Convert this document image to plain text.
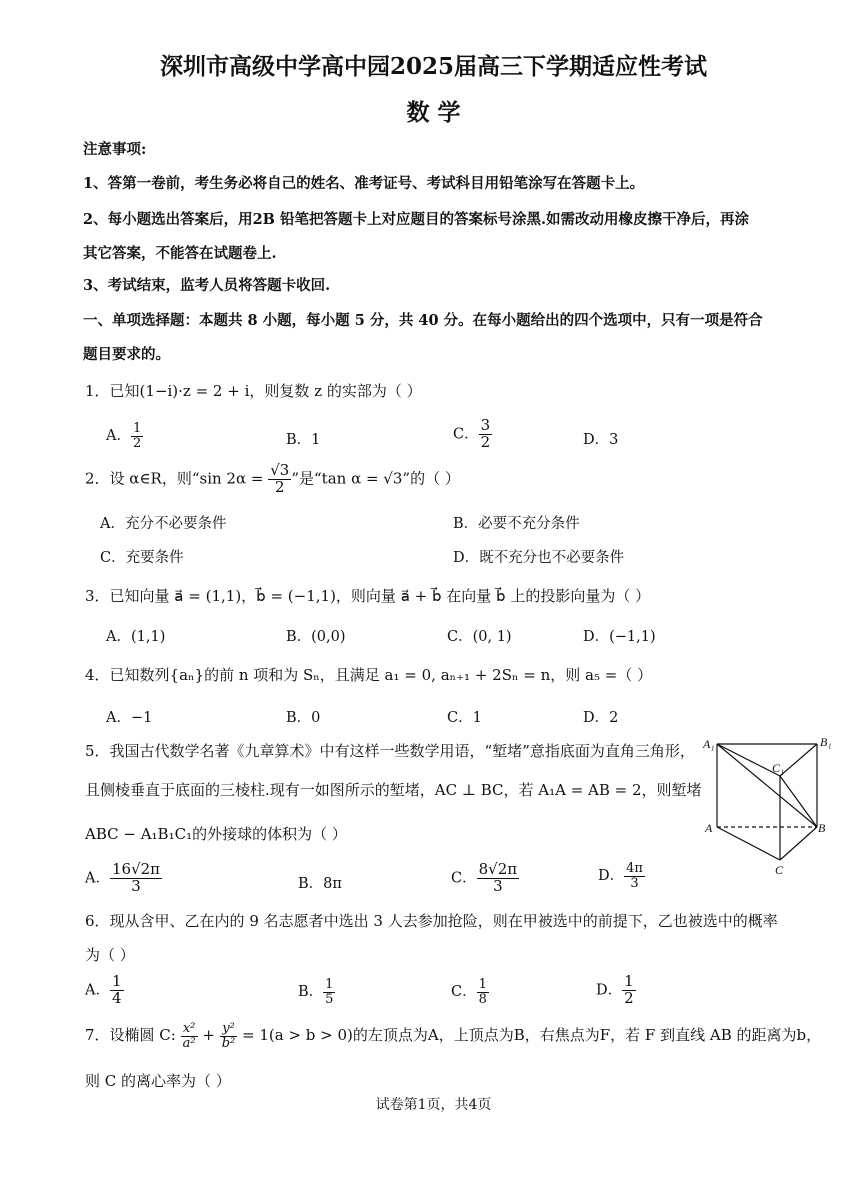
深圳市高级中学高中园2025届高三下学期适应性考试
数 学
注意事项:
1、答第一卷前，考生务必将自己的姓名、准考证号、考试科目用铅笔涂写在答题卡上。
2、每小题选出答案后，用2B 铅笔把答题卡上对应题目的答案标号涂黑.如需改动用橡皮擦干净后，再涂
其它答案，不能答在试题卷上.
3、考试结束，监考人员将答题卡收回.
一、单项选择题：本题共 8 小题，每小题 5 分，共 40 分。在每小题给出的四个选项中，只有一项是符合
题目要求的。
1．已知(1−i)·z = 2 + i，则复数 z 的实部为（ ）
A． $\frac{1}{2}$	B．1	C． $\frac{3}{2}$	D．3
2．设 α∈R，则“sin $2\alpha = \frac{√3}{2}$ ”是“tan α = √3”的（ ）
A．充分不必要条件	B．必要不充分条件
C．充要条件	D．既不充分也不必要条件
3．已知向量 a⃗ = (1,1)，b⃗ = (−1,1)，则向量 a⃗ + b⃗ 在向量 b⃗ 上的投影向量为（ ）
A．(1,1)	B．(0,0)	C．(0, 1)	D．(−1,1)
4．已知数列{aₙ}的前 n 项和为 Sₙ，且满足 a₁ = 0, aₙ₊₁ + 2Sₙ = n，则 a₅ =（ ）
A．−1	B．0	C．1	D．2
5．我国古代数学名著《九章算术》中有这样一些数学用语，“堑堵”意指底面为直角三角形，
且侧棱垂直于底面的三棱柱.现有一如图所示的堑堵，AC ⊥ BC，若 A₁A = AB = 2，则堑堵
ABC − A₁B₁C₁的外接球的体积为（ ）
A₁	B₁
C₁
A	B
C
A． $\frac{16√2\pi}{3}$	B．8π	C． $\frac{8√2\pi}{3}$	D． $\frac{4\pi}{3}$
6．现从含甲、乙在内的 9 名志愿者中选出 3 人去参加抢险，则在甲被选中的前提下，乙也被选中的概率
为（ ）
A． $\frac{1}{4}$	B． $\frac{1}{5}$	C． $\frac{1}{8}$	D． $\frac{1}{2}$
7．设椭圆 C: $\frac{\text{x²}}{\text{a²}} + \frac{\text{y²}}{\text{b²}} = 1(a > b > 0)$的左顶点为A，上顶点为B，右焦点为F，若 F 到直线 AB 的距离为b，
则 C 的离心率为（ ）
试卷第1页，共4页
